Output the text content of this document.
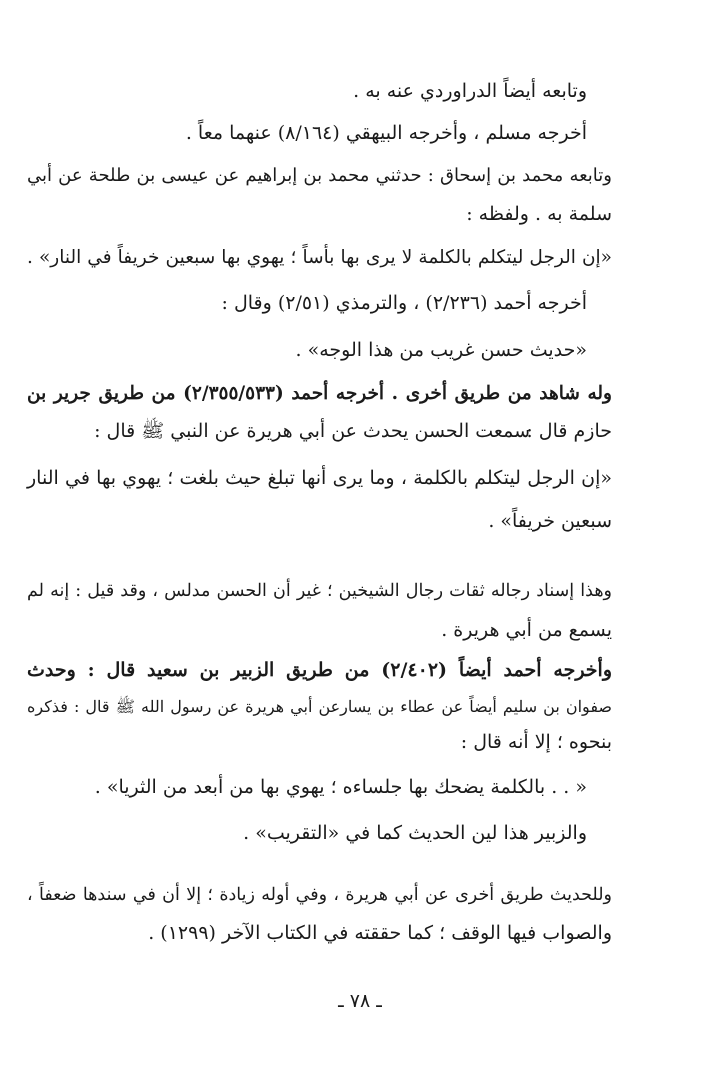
وتابعه أيضاً الدراوردي عنه به .
أخرجه مسلم ، وأخرجه البيهقي (٨/١٦٤) عنهما معاً .
وتابعه محمد بن إسحاق : حدثني محمد بن إبراهيم عن عيسى بن طلحة عن أبي
سلمة به . ولفظه :
«إن الرجل ليتكلم بالكلمة لا يرى بها بأساً ؛ يهوي بها سبعين خريفاً في النار» .
أخرجه أحمد (٢/٢٣٦) ، والترمذي (٢/٥١) وقال :
«حديث حسن غريب من هذا الوجه» .
وله شاهد من طريق أخرى . أخرجه أحمد (٢/٣٥٥/٥٣٣) من طريق جرير بن
سمعت الحسن يحدث عن أبي هريرة عن النبي ﷺ قال :
حازم قال :
«إن الرجل ليتكلم بالكلمة ، وما يرى أنها تبلغ حيث بلغت ؛ يهوي بها في النار
سبعين خريفاً» .
وهذا إسناد رجاله ثقات رجال الشيخين ؛ غير أن الحسن مدلس ، وقد قيل : إنه لم
يسمع من أبي هريرة .
وأخرجه أحمد أيضاً (٢/٤٠٢) من طريق الزبير بن سعيد قال : وحدث
صفوان بن سليم أيضاً عن عطاء بن يسارعن أبي هريرة عن رسول الله ﷺ قال : فذكره
بنحوه ؛ إلا أنه قال :
« . . بالكلمة يضحك بها جلساءه ؛ يهوي بها من أبعد من الثريا» .
والزبير هذا لين الحديث كما في «التقريب» .
وللحديث طريق أخرى عن أبي هريرة ، وفي أوله زيادة ؛ إلا أن في سندها ضعفاً ،
والصواب فيها الوقف ؛ كما حققته في الكتاب الآخر (١٢٩٩) .
ـ ٧٨ ـ
